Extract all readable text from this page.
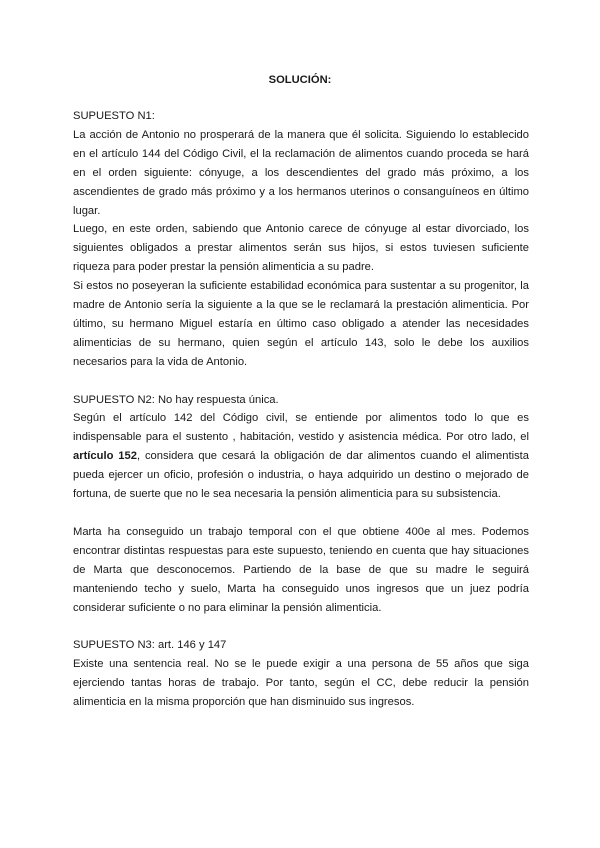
SOLUCIÓN:

SUPUESTO N1:

La acción de Antonio no prosperará de la manera que él solicita. Siguiendo lo establecido en el artículo 144 del Código Civil, el la reclamación de alimentos cuando proceda se hará en el orden siguiente: cónyuge, a los descendientes del grado más próximo, a los ascendientes de grado más próximo y a los hermanos uterinos o consanguíneos en último lugar.

Luego, en este orden, sabiendo que Antonio carece de cónyuge al estar divorciado, los siguientes obligados a prestar alimentos serán sus hijos, si estos tuviesen suficiente riqueza para poder prestar la pensión alimenticia a su padre.

Si estos no poseyeran la suficiente estabilidad económica para sustentar a su progenitor, la madre de Antonio sería la siguiente a la que se le reclamará la prestación alimenticia. Por último, su hermano Miguel estaría en último caso obligado a atender las necesidades alimenticias de su hermano, quien según el artículo 143, solo le debe los auxilios necesarios para la vida de Antonio.

SUPUESTO N2: No hay respuesta única.

Según el artículo 142 del Código civil, se entiende por alimentos todo lo que es indispensable para el sustento , habitación, vestido y asistencia médica. Por otro lado, el artículo 152, considera que cesará la obligación de dar alimentos cuando el alimentista pueda ejercer un oficio, profesión o industria, o haya adquirido un destino o mejorado de fortuna, de suerte que no le sea necesaria la pensión alimenticia para su subsistencia.

Marta ha conseguido un trabajo temporal con el que obtiene 400e al mes. Podemos encontrar distintas respuestas para este supuesto, teniendo en cuenta que hay situaciones de Marta que desconocemos. Partiendo de la base de que su madre le seguirá manteniendo techo y suelo, Marta ha conseguido unos ingresos que un juez podría considerar suficiente o no para eliminar la pensión alimenticia.

SUPUESTO N3: art. 146 y 147

Existe una sentencia real. No se le puede exigir a una persona de 55 años que siga ejerciendo tantas horas de trabajo. Por tanto, según el CC, debe reducir la pensión alimenticia en la misma proporción que han disminuido sus ingresos.
